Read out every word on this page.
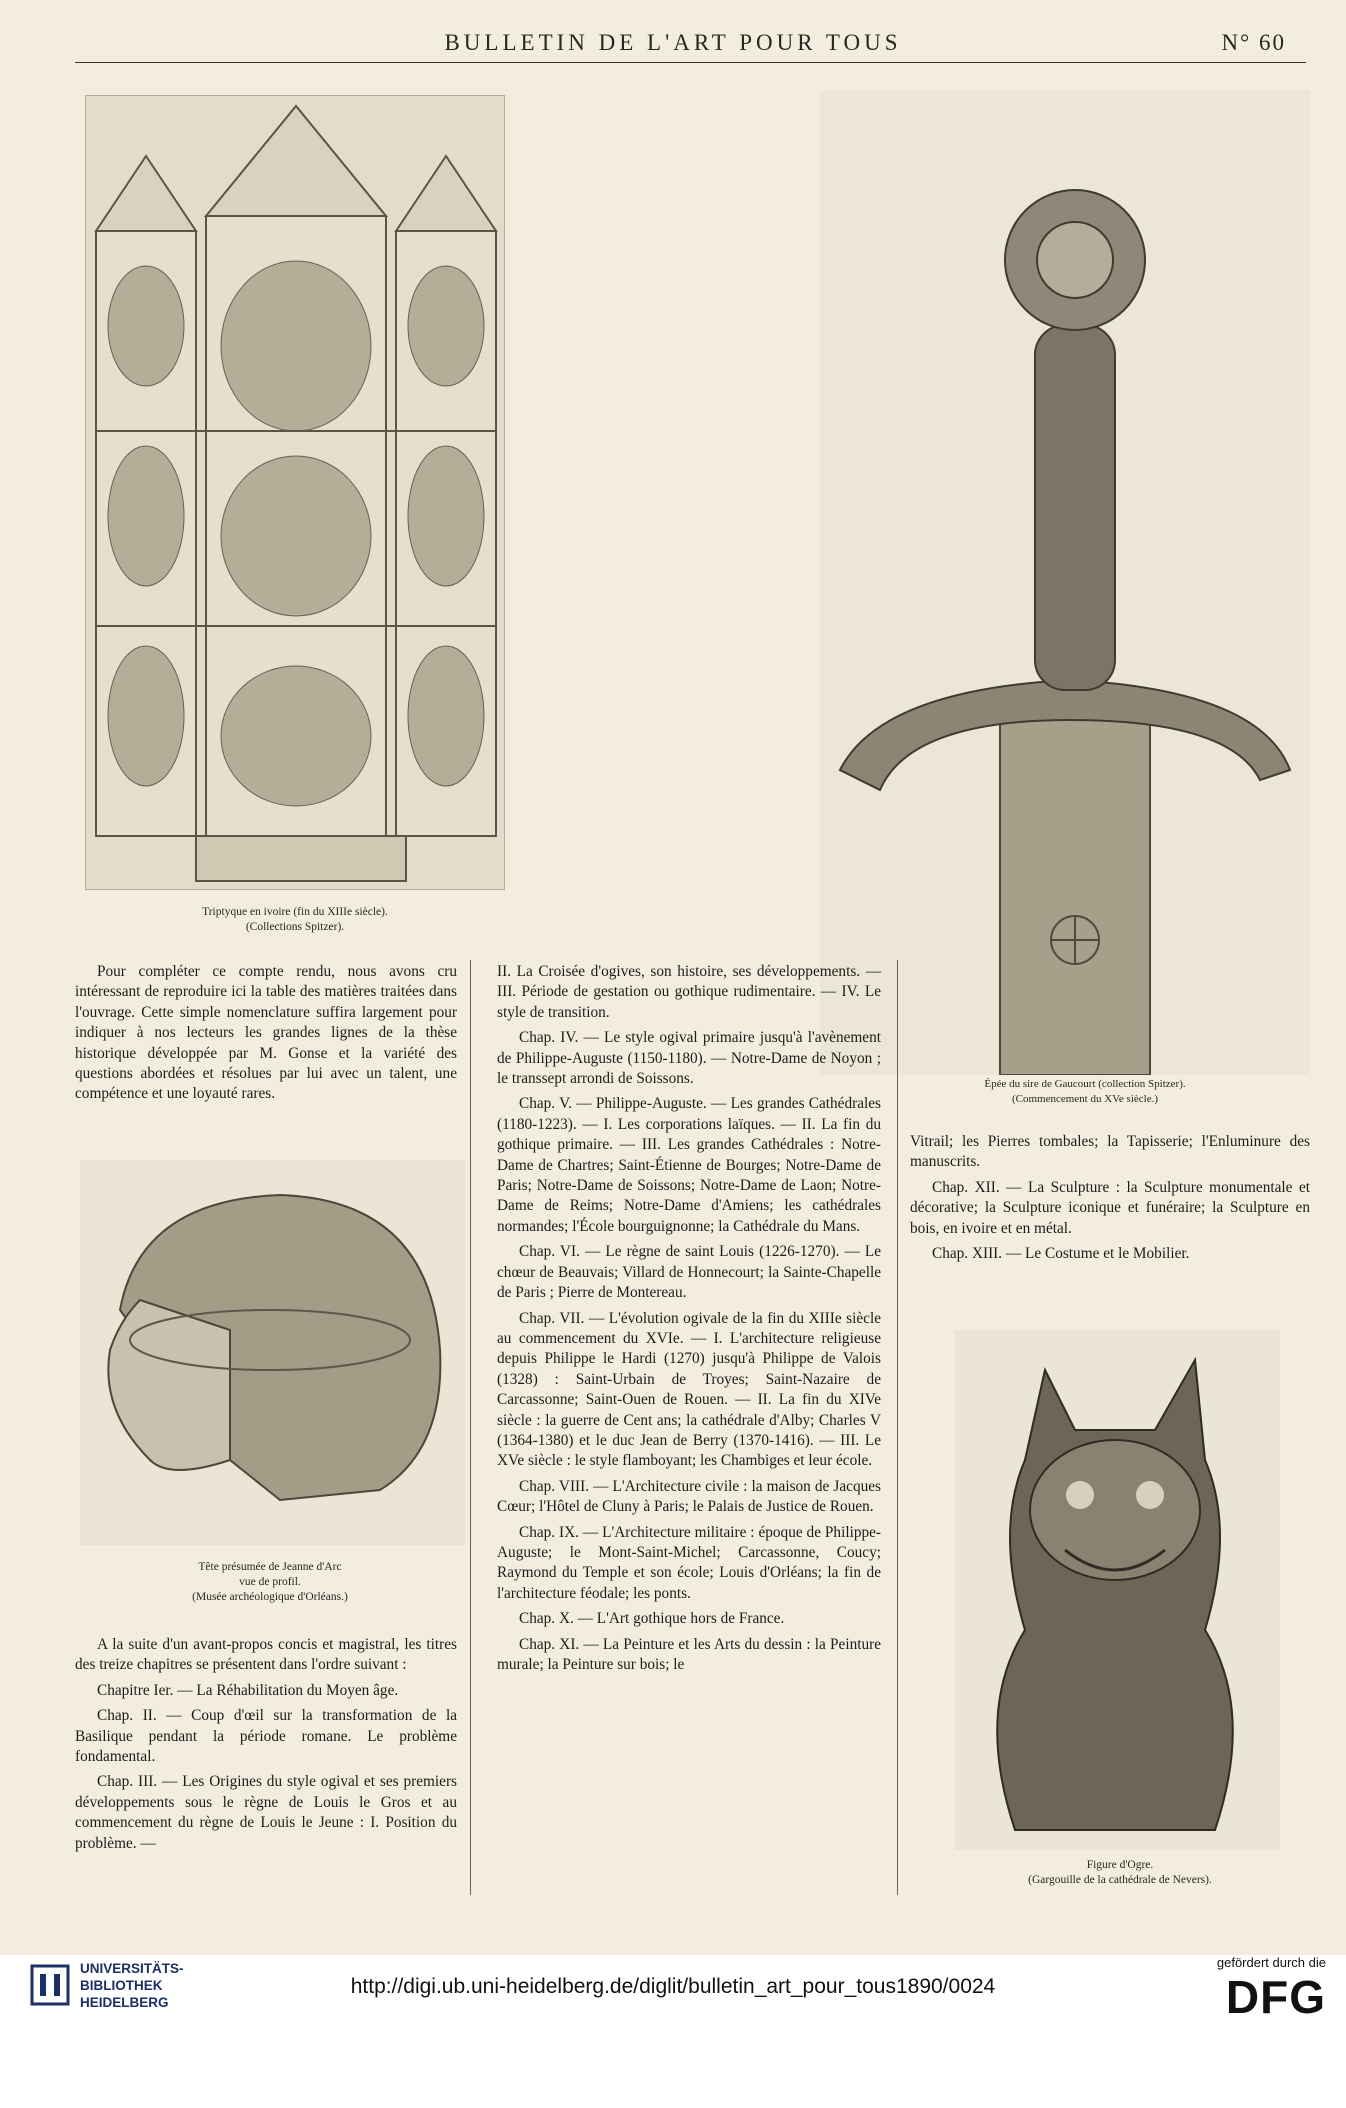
BULLETIN DE L'ART POUR TOUS	N° 60
Triptyque en ivoire (fin du XIIIe siècle).
(Collections Spitzer).
Épée du sire de Gaucourt (collection Spitzer).
(Commencement du XVe siècle.)

Pour compléter ce compte rendu, nous avons cru intéressant de reproduire ici la table des matières traitées dans l'ouvrage. Cette simple nomenclature suffira largement pour indiquer à nos lecteurs les grandes lignes de la thèse historique développée par M. Gonse et la variété des questions abordées et résolues par lui avec un talent, une compétence et une loyauté rares.

Tête présumée de Jeanne d'Arc
vue de profil.
(Musée archéologique d'Orléans.)

A la suite d'un avant-propos concis et magistral, les titres des treize chapitres se présentent dans l'ordre suivant :

Chapitre Ier. — La Réhabilitation du Moyen âge.

Chap. II. — Coup d'œil sur la transformation de la Basilique pendant la période romane. Le problème fondamental.

Chap. III. — Les Origines du style ogival et ses premiers développements sous le règne de Louis le Gros et au commencement du règne de Louis le Jeune : I. Position du problème. —

II. La Croisée d'ogives, son histoire, ses développements. — III. Période de gestation ou gothique rudimentaire. — IV. Le style de transition.

Chap. IV. — Le style ogival primaire jusqu'à l'avènement de Philippe-Auguste (1150-1180). — Notre-Dame de Noyon ; le transsept arrondi de Soissons.

Chap. V. — Philippe-Auguste. — Les grandes Cathédrales (1180-1223). — I. Les corporations laïques. — II. La fin du gothique primaire. — III. Les grandes Cathédrales : Notre-Dame de Chartres; Saint-Étienne de Bourges; Notre-Dame de Paris; Notre-Dame de Soissons; Notre-Dame de Laon; Notre-Dame de Reims; Notre-Dame d'Amiens; les cathédrales normandes; l'École bourguignonne; la Cathédrale du Mans.

Chap. VI. — Le règne de saint Louis (1226-1270). — Le chœur de Beauvais; Villard de Honnecourt; la Sainte-Chapelle de Paris ; Pierre de Montereau.

Chap. VII. — L'évolution ogivale de la fin du XIIIe siècle au commencement du XVIe. — I. L'architecture religieuse depuis Philippe le Hardi (1270) jusqu'à Philippe de Valois (1328) : Saint-Urbain de Troyes; Saint-Nazaire de Carcassonne; Saint-Ouen de Rouen. — II. La fin du XIVe siècle : la guerre de Cent ans; la cathédrale d'Alby; Charles V (1364-1380) et le duc Jean de Berry (1370-1416). — III. Le XVe siècle : le style flamboyant; les Chambiges et leur école.

Chap. VIII. — L'Architecture civile : la maison de Jacques Cœur; l'Hôtel de Cluny à Paris; le Palais de Justice de Rouen.

Chap. IX. — L'Architecture militaire : époque de Philippe-Auguste; le Mont-Saint-Michel; Carcassonne, Coucy; Raymond du Temple et son école; Louis d'Orléans; la fin de l'architecture féodale; les ponts.

Chap. X. — L'Art gothique hors de France.

Chap. XI. — La Peinture et les Arts du dessin : la Peinture murale; la Peinture sur bois; le

Vitrail; les Pierres tombales; la Tapisserie; l'Enluminure des manuscrits.

Chap. XII. — La Sculpture : la Sculpture monumentale et décorative; la Sculpture iconique et funéraire; la Sculpture en bois, en ivoire et en métal.

Chap. XIII. — Le Costume et le Mobilier.

Figure d'Ogre.
(Gargouille de la cathédrale de Nevers).
UNIVERSITÄTS-
BIBLIOTHEK
HEIDELBERG
http://digi.ub.uni-heidelberg.de/diglit/bulletin_art_pour_tous1890/0024
gefördert durch die
DFG
